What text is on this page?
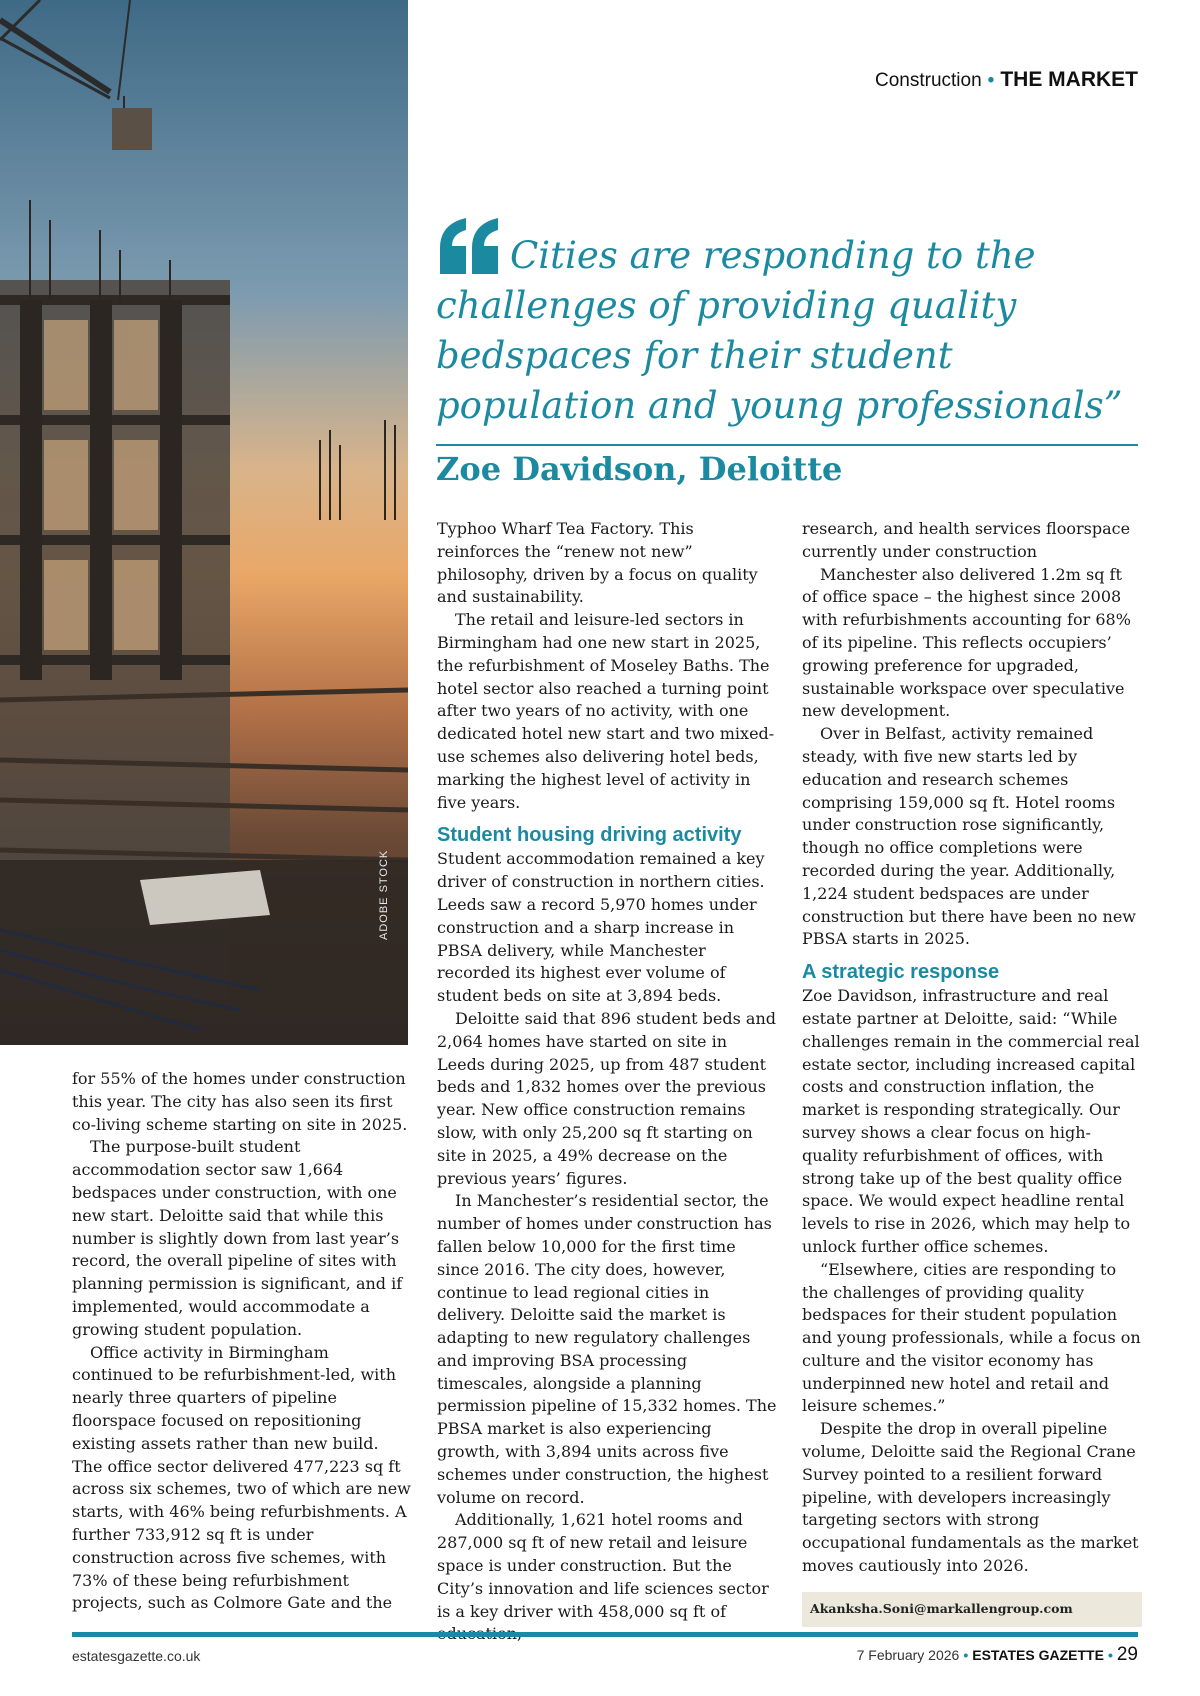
ADOBE STOCK
Construction • THE MARKET
Cities are responding to the challenges of providing quality bedspaces for their student population and young professionals”
Zoe Davidson, Deloitte

for 55% of the homes under construction this year. The city has also seen its first co-living scheme starting on site in 2025.

The purpose-built student accommodation sector saw 1,664 bedspaces under construction, with one new start. Deloitte said that while this number is slightly down from last year’s record, the overall pipeline of sites with planning permission is significant, and if implemented, would accommodate a growing student population.

Office activity in Birmingham continued to be refurbishment-led, with nearly three quarters of pipeline floorspace focused on repositioning existing assets rather than new build. The office sector delivered 477,223 sq ft across six schemes, two of which are new starts, with 46% being refurbishments. A further 733,912 sq ft is under construction across five schemes, with 73% of these being refurbishment projects, such as Colmore Gate and the

Typhoo Wharf Tea Factory. This reinforces the “renew not new” philosophy, driven by a focus on quality and sustainability.

The retail and leisure-led sectors in Birmingham had one new start in 2025, the refurbishment of Moseley Baths. The hotel sector also reached a turning point after two years of no activity, with one dedicated hotel new start and two mixed-use schemes also delivering hotel beds, marking the highest level of activity in five years.

Student housing driving activity

Student accommodation remained a key driver of construction in northern cities. Leeds saw a record 5,970 homes under construction and a sharp increase in PBSA delivery, while Manchester recorded its highest ever volume of student beds on site at 3,894 beds.

Deloitte said that 896 student beds and 2,064 homes have started on site in Leeds during 2025, up from 487 student beds and 1,832 homes over the previous year. New office construction remains slow, with only 25,200 sq ft starting on site in 2025, a 49% decrease on the previous years’ figures.

In Manchester’s residential sector, the number of homes under construction has fallen below 10,000 for the first time since 2016. The city does, however, continue to lead regional cities in delivery. Deloitte said the market is adapting to new regulatory challenges and improving BSA processing timescales, alongside a planning permission pipeline of 15,332 homes. The PBSA market is also experiencing growth, with 3,894 units across five schemes under construction, the highest volume on record.

Additionally, 1,621 hotel rooms and 287,000 sq ft of new retail and leisure space is under construction. But the City’s innovation and life sciences sector is a key driver with 458,000 sq ft of

research, and health services floorspace currently under construction

Manchester also delivered 1.2m sq ft of office space – the highest since 2008 with refurbishments accounting for 68% of its pipeline. This reflects occupiers’ growing preference for upgraded, sustainable workspace over speculative new development.

Over in Belfast, activity remained steady, with five new starts led by education and research schemes comprising 159,000 sq ft. Hotel rooms under construction rose significantly, though no office completions were recorded during the year. Additionally, 1,224 student bedspaces are under construction but there have been no new PBSA starts in 2025.

A strategic response

Zoe Davidson, infrastructure and real estate partner at Deloitte, said: “While challenges remain in the commercial real estate sector, including increased capital costs and construction inflation, the market is responding strategically. Our survey shows a clear focus on high-quality refurbishment of offices, with strong take up of the best quality office space. We would expect headline rental levels to rise in 2026, which may help to unlock further office schemes.

“Elsewhere, cities are responding to the challenges of providing quality bedspaces for their student population and young professionals, while a focus on culture and the visitor economy has underpinned new hotel and retail and leisure schemes.”

Despite the drop in overall pipeline volume, Deloitte said the Regional Crane Survey pointed to a resilient forward pipeline, with developers increasingly targeting sectors with strong occupational fundamentals as the market moves cautiously into 2026.

Akanksha.Soni@markallengroup.com
estatesgazette.co.uk	7 February 2026 • ESTATES GAZETTE • 29
